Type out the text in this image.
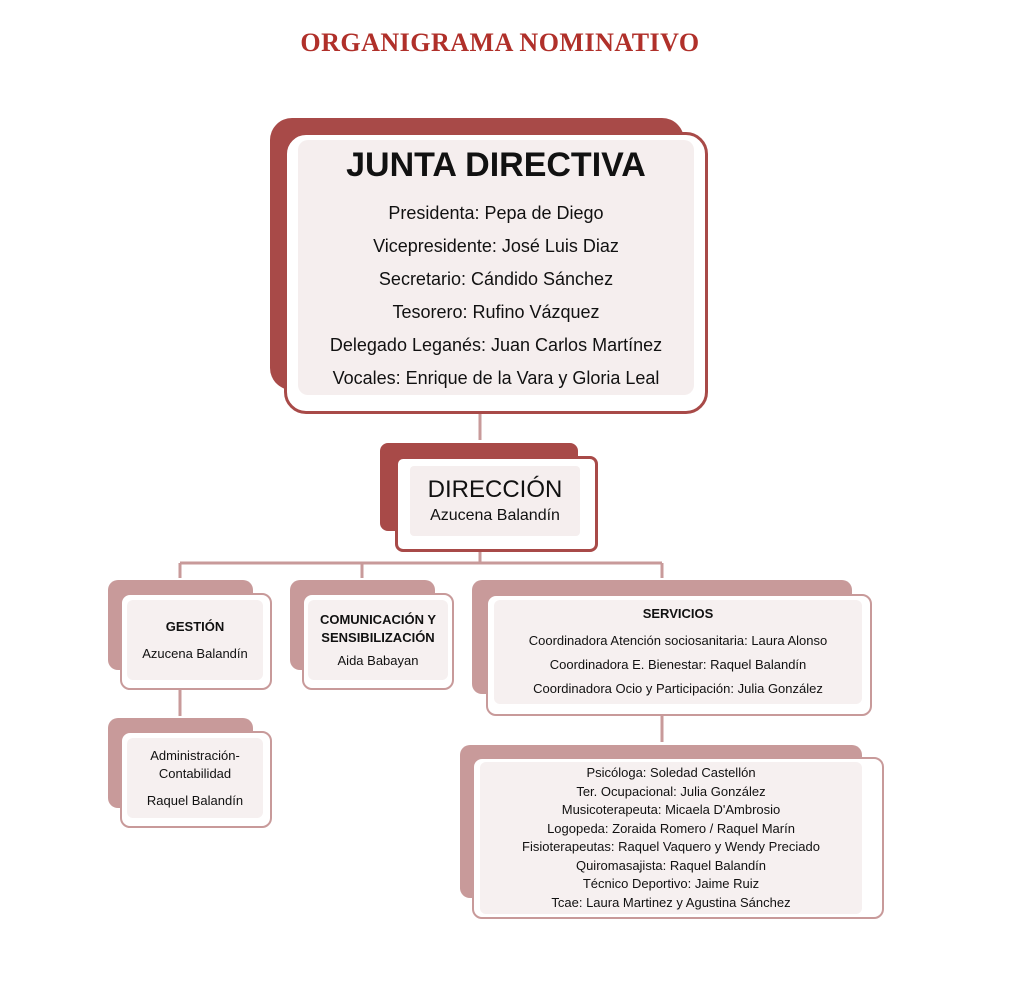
ORGANIGRAMA NOMINATIVO
JUNTA DIRECTIVA
Presidenta: Pepa de Diego
Vicepresidente: José Luis Diaz
Secretario: Cándido Sánchez
Tesorero: Rufino Vázquez
Delegado Leganés: Juan Carlos Martínez
Vocales: Enrique de la Vara y Gloria Leal
DIRECCIÓN
Azucena Balandín
GESTIÓN
Azucena Balandín
COMUNICACIÓN Y
SENSIBILIZACIÓN
Aida Babayan
SERVICIOS
Coordinadora Atención sociosanitaria: Laura Alonso
Coordinadora E. Bienestar: Raquel Balandín
Coordinadora Ocio y Participación: Julia González
Administración-
Contabilidad
Raquel Balandín
Psicóloga: Soledad Castellón
Ter. Ocupacional: Julia González
Musicoterapeuta: Micaela D'Ambrosio
Logopeda: Zoraida Romero / Raquel Marín
Fisioterapeutas: Raquel Vaquero y Wendy Preciado
Quiromasajista: Raquel Balandín
Técnico Deportivo: Jaime Ruiz
Tcae: Laura Martinez y Agustina Sánchez
